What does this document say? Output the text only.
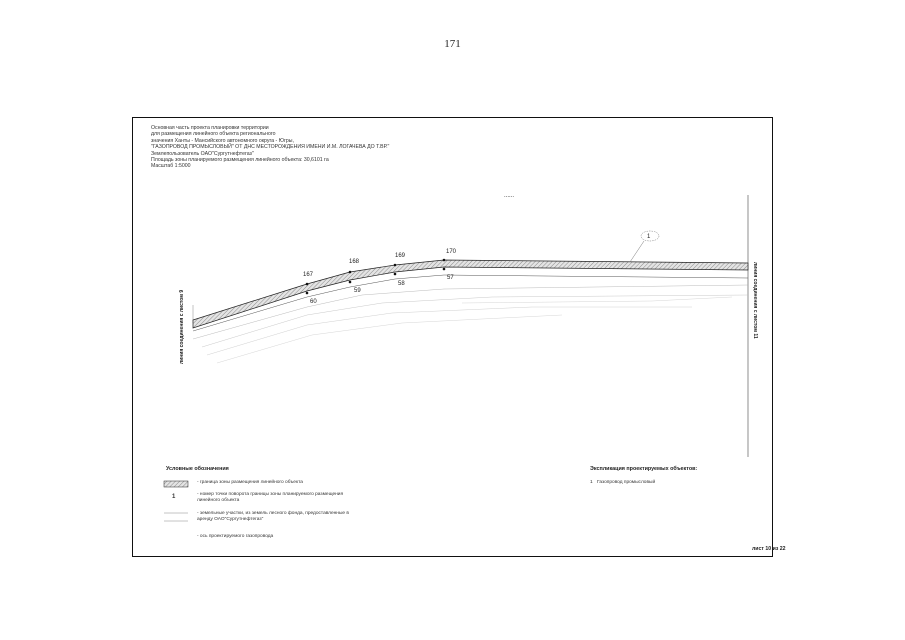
171
Основная часть проекта планировки территории
для размещения линейного объекта регионального
значения Ханты - Мансийского автономного округа - Югры,
"ГАЗОПРОВОД ПРОМЫСЛОВЫЙ" ОТ ДНС МЕСТОРОЖДЕНИЯ ИМЕНИ И.М. ЛОГАЧЕВА ДО Т.ВР."
Землепользователь ОАО"Сургутнефтегаз"
Площадь зоны планируемого размещения линейного объекта: 30,6101 га
Масштаб 1:5000
......
167
168
169
170
60
59
58
57
1
линия соединения с листом 9	линия соединения с листом 11
Условные обозначения
- граница зоны размещения линейного объекта
1	- номер точки поворота границы зоны планируемого размещения линейного объекта
- земельные участки, из земель лесного фонда, предоставленные в аренду ОАО"Сургутнефтегаз"
- ось проектируемого газопровода
Экспликация проектируемых объектов:
1 Газопровод промысловый
лист 10 из 22
